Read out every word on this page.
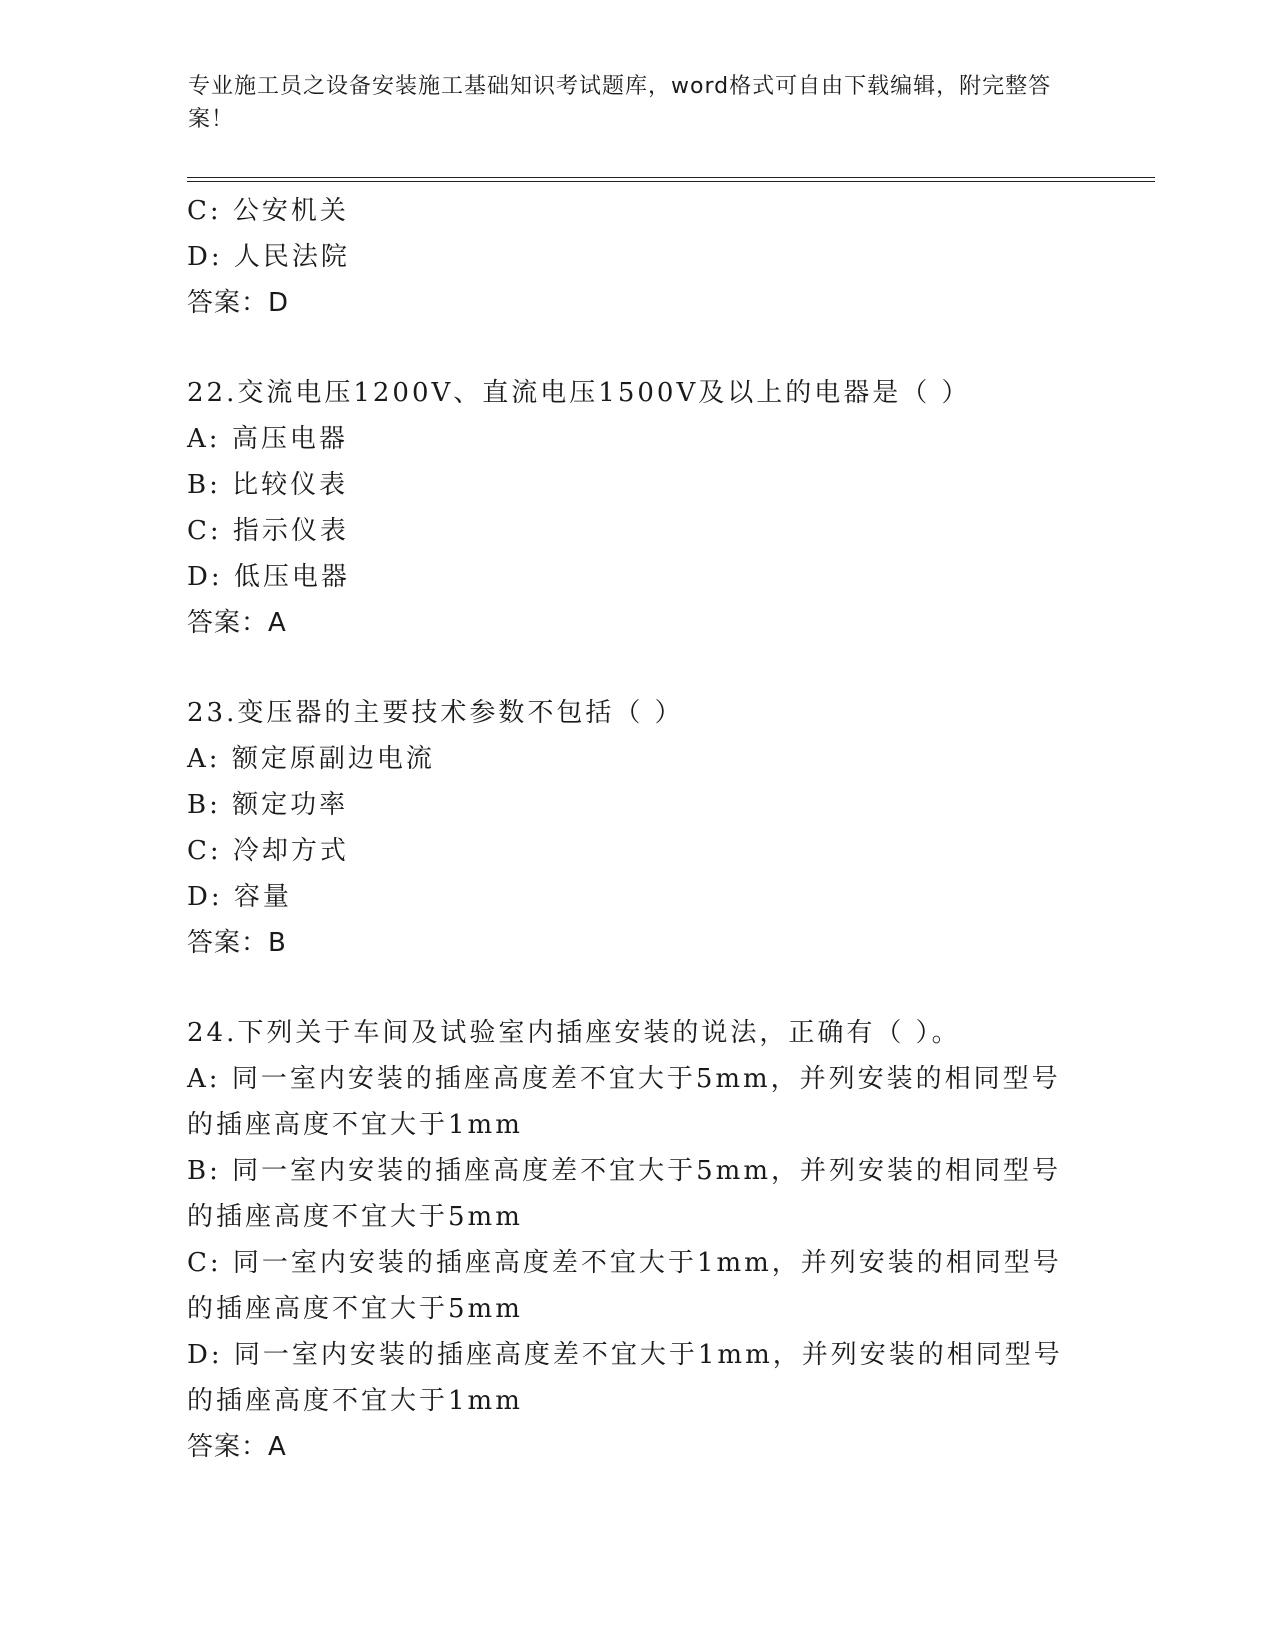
专业施工员之设备安装施工基础知识考试题库，word格式可自由下载编辑，附完整答案！
C: 公安机关
D: 人民法院
答案：D
22.交流电压1200V、直流电压1500V及以上的电器是（ ）
A: 高压电器
B: 比较仪表
C: 指示仪表
D: 低压电器
答案：A
23.变压器的主要技术参数不包括（ ）
A: 额定原副边电流
B: 额定功率
C: 冷却方式
D: 容量
答案：B
24.下列关于车间及试验室内插座安装的说法，正确有（ ）。
A: 同一室内安装的插座高度差不宜大于5mm，并列安装的相同型号的插座高度不宜大于1mm
B: 同一室内安装的插座高度差不宜大于5mm，并列安装的相同型号的插座高度不宜大于5mm
C: 同一室内安装的插座高度差不宜大于1mm，并列安装的相同型号的插座高度不宜大于5mm
D: 同一室内安装的插座高度差不宜大于1mm，并列安装的相同型号的插座高度不宜大于1mm
答案：A
